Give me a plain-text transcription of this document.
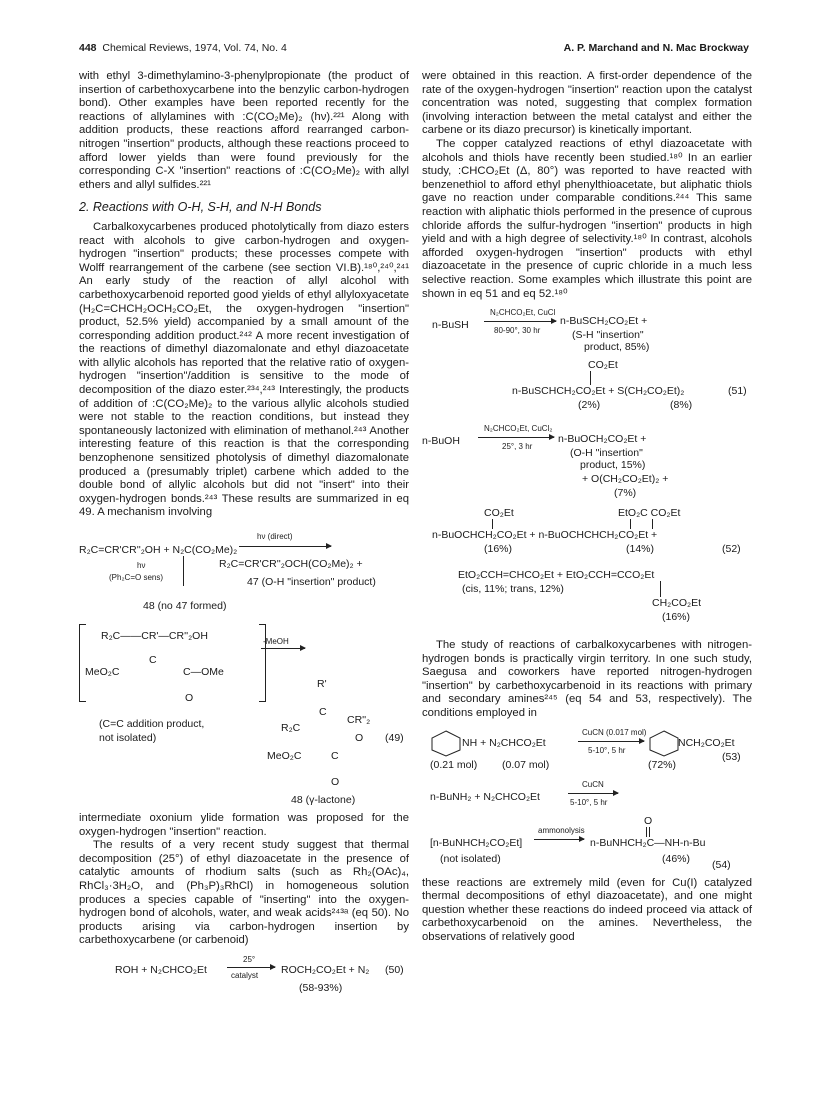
448 Chemical Reviews, 1974, Vol. 74, No. 4	A. P. Marchand and N. Mac Brockway

with ethyl 3-dimethylamino-3-phenylpropionate (the product of insertion of carbethoxycarbene into the benzylic carbon-hydrogen bond). Other examples have been reported recently for the reactions of allylamines with :C(CO₂Me)₂ (hν).²²¹ Along with addition products, these reactions afford rearranged carbon-nitrogen "insertion" products, although these reactions proceed to afford lower yields than were found previously for the corresponding C-X "insertion" reactions of :C(CO₂Me)₂ with allyl ethers and allyl sulfides.²²¹

2. Reactions with O-H, S-H, and N-H Bonds

Carbalkoxycarbenes produced photolytically from diazo esters react with alcohols to give carbon-hydrogen and oxygen-hydrogen "insertion" products; these processes compete with Wolff rearrangement of the carbene (see section VI.B).¹⁸⁰,²⁴⁰,²⁴¹ An early study of the reaction of allyl alcohol with carbethoxycarbenoid reported good yields of ethyl allyloxyacetate (H₂C=CHCH₂OCH₂CO₂Et, the oxygen-hydrogen "insertion" product, 52.5% yield) accompanied by a small amount of the corresponding addition product.²⁴² A more recent investigation of the reactions of dimethyl diazomalonate and ethyl diazoacetate with allylic alcohols has reported that the relative ratio of oxygen-hydrogen "insertion"/addition is sensitive to the mode of decomposition of the diazo ester.²³⁴,²⁴³ Interestingly, the products of addition of :C(CO₂Me)₂ to the various allylic alcohols studied were not stable to the reaction conditions, but instead they spontaneously lactonized with elimination of methanol.²⁴³ Another interesting feature of this reaction is that the corresponding benzophenone sensitized photolysis of dimethyl diazomalonate produced a (presumably triplet) carbene which added to the double bond of allylic alcohols but did not "insert" into their oxygen-hydrogen bonds.²⁴³ These results are summarized in eq 49. A mechanism involving

R₂C=CR'CR''₂OH + N₂C(CO₂Me)₂
hν (direct)
hν
(Ph₂C=O sens)
R₂C=CR'CR''₂OCH(CO₂Me)₂ +
47 (O-H "insertion" product)
48 (no 47 formed)
R₂C——CR'—CR''₂OH
C
MeO₂C	C—OMe
O
-MeOH
(C=C addition product,
not isolated)
R'
C
CR''₂
R₂C
O (49)
MeO₂C	C
O
48 (γ-lactone)

intermediate oxonium ylide formation was proposed for the oxygen-hydrogen "insertion" reaction.

The results of a very recent study suggest that thermal decomposition (25°) of ethyl diazoacetate in the presence of catalytic amounts of rhodium salts (such as Rh₂(OAc)₄, RhCl₃·3H₂O, and (Ph₃P)₃RhCl) in homogeneous solution produces a species capable of "inserting" into the oxygen-hydrogen bond of alcohols, water, and weak acids²⁴³ᵃ (eq 50). No products arising via carbon-hydrogen insertion by carbethoxycarbene (or carbenoid)

ROH + N₂CHCO₂Et
25°
catalyst ROCH₂CO₂Et + N₂ (50)
(58-93%)

were obtained in this reaction. A first-order dependence of the rate of the oxygen-hydrogen "insertion" reaction upon the catalyst concentration was noted, suggesting that complex formation (involving interaction between the metal catalyst and either the carbene or its diazo precursor) is kinetically important.

The copper catalyzed reactions of ethyl diazoacetate with alcohols and thiols have recently been studied.¹⁸⁰ In an earlier study, :CHCO₂Et (Δ, 80°) was reported to have reacted with benzenethiol to afford ethyl phenylthioacetate, but aliphatic thiols gave no reaction under comparable conditions.²⁴⁴ This same reaction with aliphatic thiols performed in the presence of cuprous chloride affords the sulfur-hydrogen "insertion" products in high yield and with a high degree of selectivity.¹⁸⁰ In contrast, alcohols afforded oxygen-hydrogen "insertion" products with ethyl diazoacetate in the presence of cupric chloride in a much less selective reaction. Some examples which illustrate this point are shown in eq 51 and eq 52.¹⁸⁰

n-BuSH
N₂CHCO₂Et, CuCl
80-90°, 30 hr
n-BuSCH₂CO₂Et +
(S-H "insertion"
product, 85%)
CO₂Et
n-BuSCHCH₂CO₂Et + S(CH₂CO₂Et)₂	(51)
(2%)	(8%)
n-BuOH
N₂CHCO₂Et, CuCl₂
25°, 3 hr
n-BuOCH₂CO₂Et +
(O-H "insertion"
product, 15%)
+ O(CH₂CO₂Et)₂ +
(7%)
CO₂Et	EtO₂C CO₂Et
n-BuOCHCH₂CO₂Et + n-BuOCHCHCH₂CO₂Et +
(16%)	(14%)	(52)
EtO₂CCH=CHCO₂Et + EtO₂CCH=CCO₂Et
(cis, 11%; trans, 12%)
CH₂CO₂Et
(16%)

The study of reactions of carbalkoxycarbenes with nitrogen-hydrogen bonds is practically virgin territory. In one such study, Saegusa and coworkers have reported nitrogen-hydrogen "insertion" by carbethoxycarbenoid in its reactions with primary and secondary amines²⁴⁵ (eq 54 and 53, respectively). The conditions employed in

NH + N₂CHCO₂Et
CuCN (0.017 mol)
5-10°, 5 hr
NCH₂CO₂Et
(0.21 mol) (0.07 mol)	(72%)
(53)
n-BuNH₂ + N₂CHCO₂Et
CuCN
5-10°, 5 hr
O
[n-BuNHCH₂CO₂Et]
ammonolysis
n-BuNHCH₂C—NH-n-Bu
(not isolated)	(46%) (54)

these reactions are extremely mild (even for Cu(I) catalyzed thermal decompositions of ethyl diazoacetate), and one might question whether these reactions do indeed proceed via attack of carbethoxycarbenoid on the amines. Nevertheless, the observations of relatively good
